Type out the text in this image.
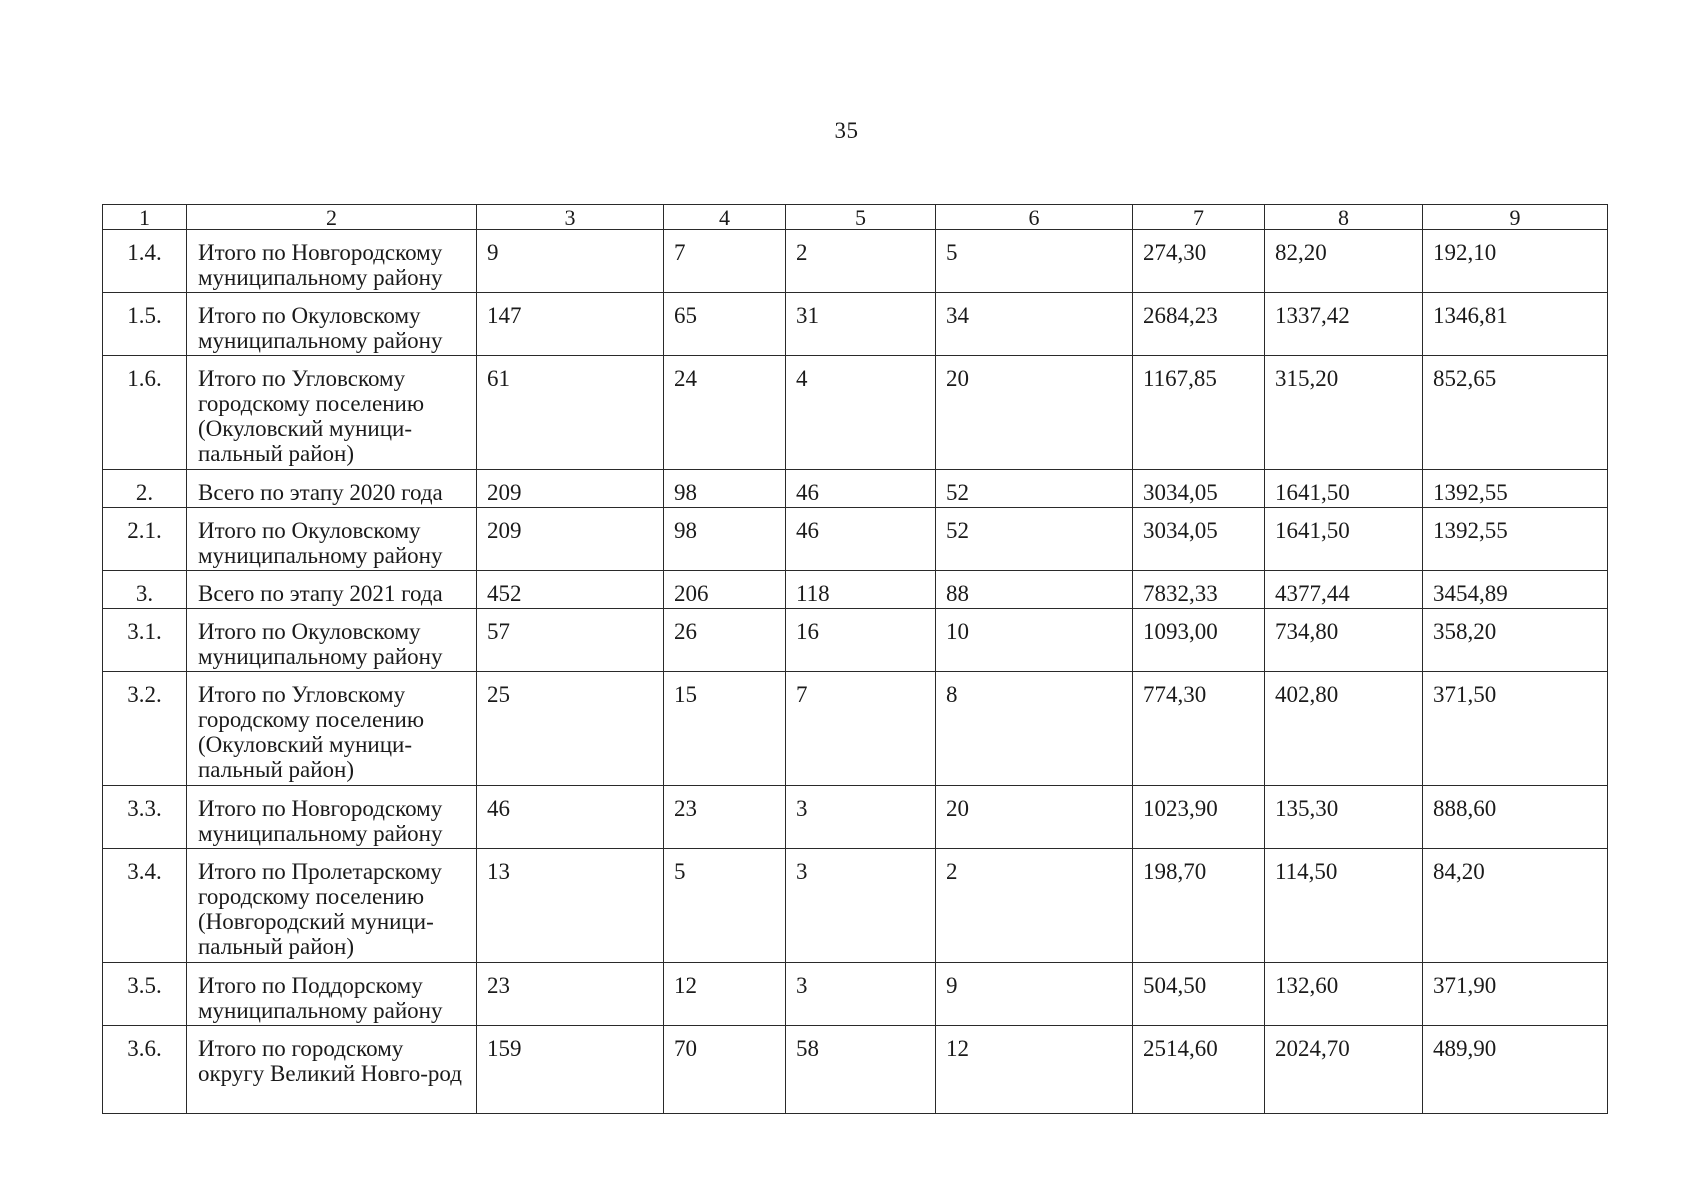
35
1	2	3	4	5	6	7	8	9
1.4.	Итого по Новгородскому муниципальному району	9	7	2	5	274,30	82,20	192,10
1.5.	Итого по Окуловскому муниципальному району	147	65	31	34	2684,23	1337,42	1346,81
1.6.	Итого по Угловскому городскому поселению (Окуловский муници-пальный район)	61	24	4	20	1167,85	315,20	852,65
2.	Всего по этапу 2020 года	209	98	46	52	3034,05	1641,50	1392,55
2.1.	Итого по Окуловскому муниципальному району	209	98	46	52	3034,05	1641,50	1392,55
3.	Всего по этапу 2021 года	452	206	118	88	7832,33	4377,44	3454,89
3.1.	Итого по Окуловскому муниципальному району	57	26	16	10	1093,00	734,80	358,20
3.2.	Итого по Угловскому городскому поселению (Окуловский муници-пальный район)	25	15	7	8	774,30	402,80	371,50
3.3.	Итого по Новгородскому муниципальному району	46	23	3	20	1023,90	135,30	888,60
3.4.	Итого по Пролетарскому городскому поселению (Новгородский муници-пальный район)	13	5	3	2	198,70	114,50	84,20
3.5.	Итого по Поддорскому муниципальному району	23	12	3	9	504,50	132,60	371,90
3.6.	Итого по городскому округу Великий Новго-род	159	70	58	12	2514,60	2024,70	489,90
